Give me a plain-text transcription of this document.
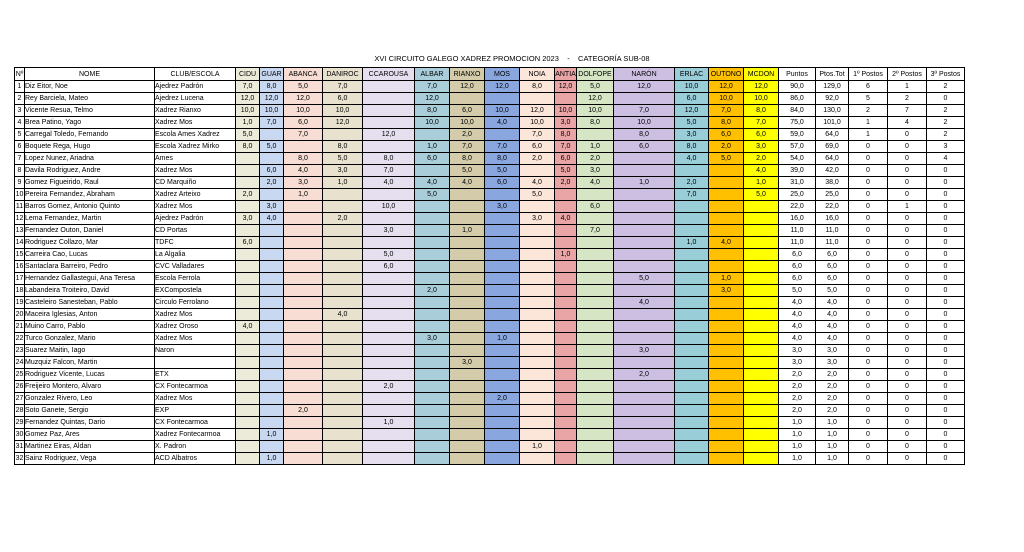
XVI CIRCUITO GALEGO XADREZ PROMOCION 2023    -    CATEGORÍA SUB-08
Nº	NOME	CLUB/ESCOLA	CIDU	GUAR	ABANCA	DANIROC	CCAROUSA	ALBAR	RIANXO	MOS	NOIA	ANTIA	DOLFOPE	NARÓN	ERLAC	OUTONO	MCDON	Puntos	Ptos.Tot	1º Postos	2º Postos	3º Postos
1	Diz Eitor, Noe	Ajedrez Padrón	7,0	8,0	5,0	7,0		7,0	12,0	12,0	8,0	12,0	5,0	12,0	10,0	12,0	12,0	90,0	129,0	6	1	2
2	Rey Barciela, Mateo	Ajedrez Lucena	12,0	12,0	12,0	6,0		12,0					12,0		6,0	10,0	10,0	86,0	92,0	5	2	0
3	Vicente Resua, Telmo	Xadrez Rianxo	10,0	10,0	10,0	10,0		8,0	6,0	10,0	12,0	10,0	10,0	7,0	12,0	7,0	8,0	84,0	130,0	2	7	2
4	Brea Patino, Yago	Xadrez Mos	1,0	7,0	6,0	12,0		10,0	10,0	4,0	10,0	3,0	8,0	10,0	5,0	8,0	7,0	75,0	101,0	1	4	2
5	Carregal Toledo, Fernando	Escola Ames Xadrez	5,0		7,0		12,0		2,0		7,0	8,0		8,0	3,0	6,0	6,0	59,0	64,0	1	0	2
6	Boquete Rega, Hugo	Escola Xadrez Mirko	8,0	5,0		8,0		1,0	7,0	7,0	6,0	7,0	1,0	6,0	8,0	2,0	3,0	57,0	69,0	0	0	3
7	Lopez Nunez, Ariadna	Ames			8,0	5,0	8,0	6,0	8,0	8,0	2,0	6,0	2,0		4,0	5,0	2,0	54,0	64,0	0	0	4
8	Davila Rodriguez, Andre	Xadrez Mos		6,0	4,0	3,0	7,0		5,0	5,0		5,0	3,0				4,0	39,0	42,0	0	0	0
9	Gomez Figueirido, Raul	CD Marquiño		2,0	3,0	1,0	4,0	4,0	4,0	6,0	4,0	2,0	4,0	1,0	2,0		1,0	31,0	38,0	0	0	0
10	Pereira Fernandez, Abraham	Xadrez Arteixo	2,0		1,0			5,0			5,0				7,0		5,0	25,0	25,0	0	0	0
11	Barros Gomez, Antonio Quinto	Xadrez Mos		3,0			10,0			3,0			6,0					22,0	22,0	0	1	0
12	Lema Fernandez, Martin	Ajedrez Padrón	3,0	4,0		2,0					3,0	4,0						16,0	16,0	0	0	0
13	Fernandez Outon, Daniel	CD Portas					3,0		1,0				7,0					11,0	11,0	0	0	0
14	Rodriguez Collazo, Mar	TDFC	6,0												1,0	4,0		11,0	11,0	0	0	0
15	Carreira Cao, Lucas	La Algalia					5,0					1,0						6,0	6,0	0	0	0
16	Santaclara Barreiro, Pedro	CVC Valladares					6,0											6,0	6,0	0	0	0
17	Hernandez Gallastegui, Ana Teresa	Escola Ferrola												5,0		1,0		6,0	6,0	0	0	0
18	Labandeira Troiteiro, David	EXCompostela						2,0								3,0		5,0	5,0	0	0	0
19	Casteleiro Sanesteban, Pablo	Circulo Ferrolano												4,0				4,0	4,0	0	0	0
20	Maceira Iglesias, Anton	Xadrez Mos				4,0												4,0	4,0	0	0	0
21	Muino Carro, Pablo	Xadrez Oroso	4,0															4,0	4,0	0	0	0
22	Turco Gonzalez, Mario	Xadrez Mos						3,0		1,0								4,0	4,0	0	0	0
23	Suarez Maitin, Iago	Naron												3,0				3,0	3,0	0	0	0
24	Muzquiz Falcon, Martin								3,0									3,0	3,0	0	0	0
25	Rodriguez Vicente, Lucas	ETX												2,0				2,0	2,0	0	0	0
26	Freijeiro Montero, Alvaro	CX Fontecarmoa					2,0											2,0	2,0	0	0	0
27	Gonzalez Rivero, Leo	Xadrez Mos								2,0								2,0	2,0	0	0	0
28	Soto Ganete, Sergio	EXP			2,0													2,0	2,0	0	0	0
29	Fernandez Quintas, Dario	CX Fontecarmoa					1,0											1,0	1,0	0	0	0
30	Gomez Paz, Ares	Xadrez Fontecarmoa		1,0														1,0	1,0	0	0	0
31	Martinez Eiras, Aldan	X. Padron									1,0							1,0	1,0	0	0	0
32	Sainz Rodriguez, Vega	ACD Albatros		1,0														1,0	1,0	0	0	0
